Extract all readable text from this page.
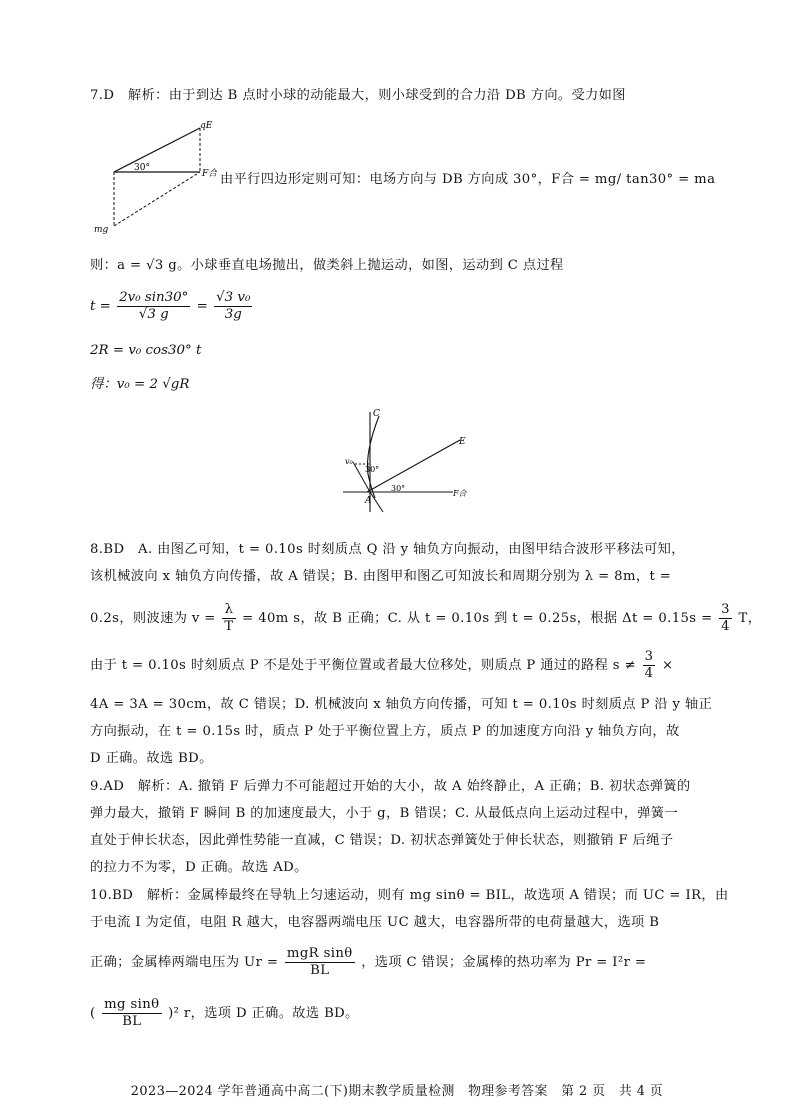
7.D　解析：由于到达 B 点时小球的动能最大，则小球受到的合力沿 DB 方向。受力如图
qE
30°
F合
mg
由平行四边形定则可知：电场方向与 DB 方向成 30°，F合 = mg/ tan30° = ma
则：a = √3 g。小球垂直电场抛出，做类斜上抛运动，如图，运动到 C 点过程
$t = \frac{\text{2v₀ sin30°}}{√3 g} = \frac{\text{√3 v₀}}{3g}$
2R = v₀ cos30° t
得：v₀ = 2 √gR
C
E
v₀
30°
30°
A
F合
8.BD　A. 由图乙可知，t = 0.10s 时刻质点 Q 沿 y 轴负方向振动，由图甲结合波形平移法可知，
该机械波向 x 轴负方向传播，故 A 错误；B. 由图甲和图乙可知波长和周期分别为 λ = 8m，t =
0.2s，则波速为 $v = \frac{\lambda}{T} = 40m$ s，故 B 正确；C. 从 t = 0.10s 到 t = 0.25s，根据 $\Delta t = 0.15s = \frac{3}{4}$ T，
由于 t = 0.10s 时刻质点 P 不是处于平衡位置或者最大位移处，则质点 P 通过的路程 $s \ne \frac{3}{4}$ ×
4A = 3A = 30cm，故 C 错误；D. 机械波向 x 轴负方向传播，可知 t = 0.10s 时刻质点 P 沿 y 轴正
方向振动，在 t = 0.15s 时，质点 P 处于平衡位置上方，质点 P 的加速度方向沿 y 轴负方向，故
D 正确。故选 BD。
9.AD　解析：A. 撤销 F 后弹力不可能超过开始的大小，故 A 始终静止，A 正确；B. 初状态弹簧的
弹力最大，撤销 F 瞬间 B 的加速度最大，小于 g，B 错误；C. 从最低点向上运动过程中，弹簧一
直处于伸长状态，因此弹性势能一直减，C 错误；D. 初状态弹簧处于伸长状态，则撤销 F 后绳子
的拉力不为零，D 正确。故选 AD。
10.BD　解析：金属棒最终在导轨上匀速运动，则有 mg sinθ = BIL，故选项 A 错误；而 UC = IR，由
于电流 I 为定值，电阻 R 越大，电容器两端电压 UC 越大，电容器所带的电荷量越大，选项 B
正确；金属棒两端电压为 $Ur = \frac{\text{mgR sinθ}}{BL}$ ，选项 C 错误；金属棒的热功率为 Pr = I²r =
( $\frac{\text{mg sinθ}}{BL} )^2$ r，选项 D 正确。故选 BD。
2023—2024 学年普通高中高二(下)期末教学质量检测　物理参考答案　第 2 页　共 4 页
